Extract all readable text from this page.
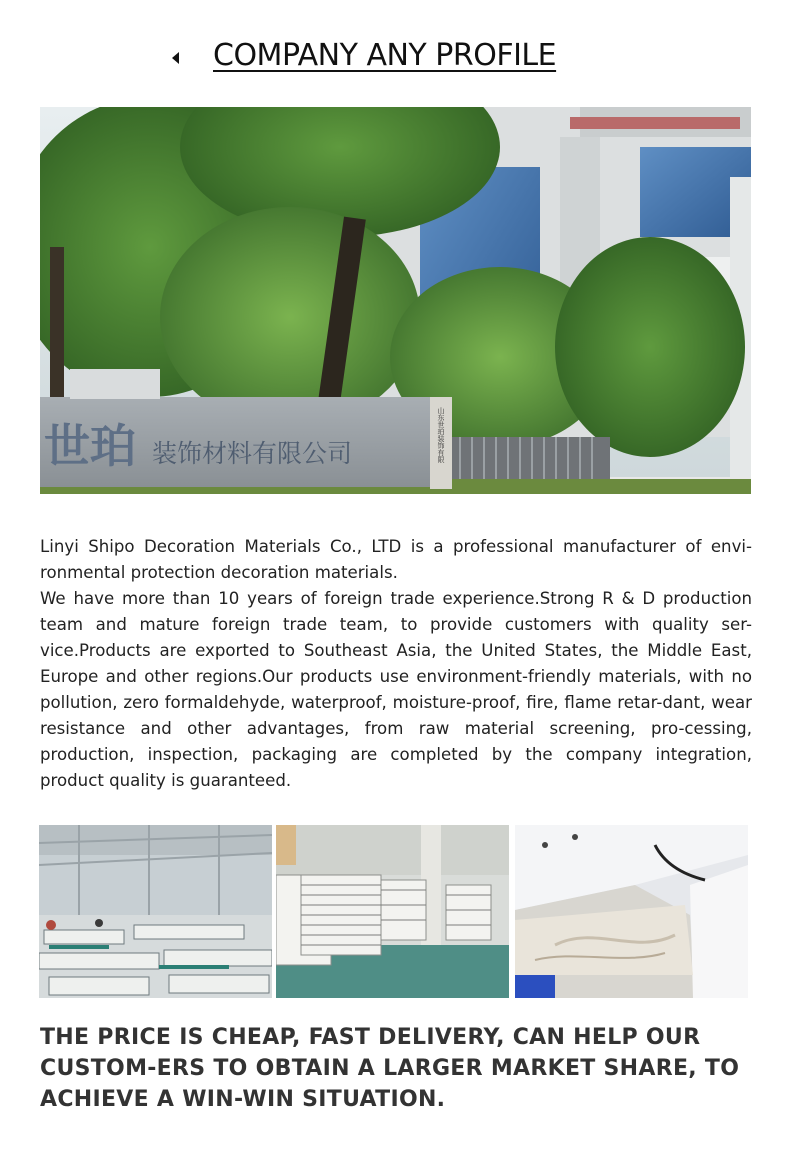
COMPANY ANY PROFILE
世珀 装饰材料有限公司	山东世珀装饰有限

Linyi Shipo Decoration Materials Co., LTD is a professional manufacturer of envi-ronmental protection decoration materials.

We have more than 10 years of foreign trade experience.Strong R & D production team and mature foreign trade team, to provide customers with quality ser-vice.Products are exported to Southeast Asia, the United States, the Middle East, Europe and other regions.Our products use environment-friendly materials, with no pollution, zero formaldehyde, waterproof, moisture-proof, fire, flame retar-dant, wear resistance and other advantages, from raw material screening, pro-cessing, production, inspection, packaging are completed by the company integration, product quality is guaranteed.

THE PRICE IS CHEAP, FAST DELIVERY, CAN HELP OUR CUSTOM-ERS TO OBTAIN A LARGER MARKET SHARE, TO ACHIEVE A WIN-WIN SITUATION.
